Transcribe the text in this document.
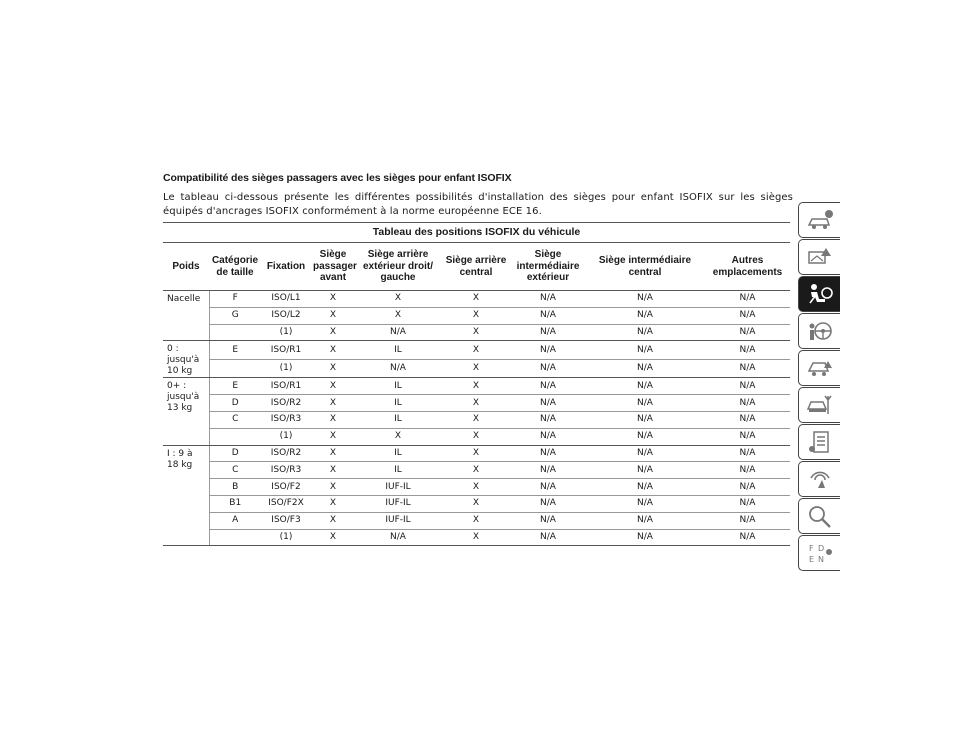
Compatibilité des sièges passagers avec les sièges pour enfant ISOFIX

Le tableau ci-dessous présente les différentes possibilités d'installation des sièges pour enfant ISOFIX sur les sièges équipés d'ancrages ISOFIX conformément à la norme européenne ECE 16.

Tableau des positions ISOFIX du véhicule								
Poids	Catégorie de taille	Fixation	Siège passager avant	Siège arrière extérieur droit/ gauche	Siège arrière central	Siège intermédiaire extérieur	Siège intermédiaire central	Autres emplacements
Nacelle	F	ISO/L1	X	X	X	N/A	N/A	N/A
	G	ISO/L2	X	X	X	N/A	N/A	N/A
		(1)	X	N/A	X	N/A	N/A	N/A
0 : jusqu'à 10 kg	E	ISO/R1	X	IL	X	N/A	N/A	N/A
		(1)	X	N/A	X	N/A	N/A	N/A
0+ : jusqu'à 13 kg	E	ISO/R1	X	IL	X	N/A	N/A	N/A
	D	ISO/R2	X	IL	X	N/A	N/A	N/A
	C	ISO/R3	X	IL	X	N/A	N/A	N/A
		(1)	X	X	X	N/A	N/A	N/A
I : 9 à 18 kg	D	ISO/R2	X	IL	X	N/A	N/A	N/A
	C	ISO/R3	X	IL	X	N/A	N/A	N/A
	B	ISO/F2	X	IUF-IL	X	N/A	N/A	N/A
	B1	ISO/F2X	X	IUF-IL	X	N/A	N/A	N/A
	A	ISO/F3	X	IUF-IL	X	N/A	N/A	N/A
		(1)	X	N/A	X	N/A	N/A	N/A
F D
E N
